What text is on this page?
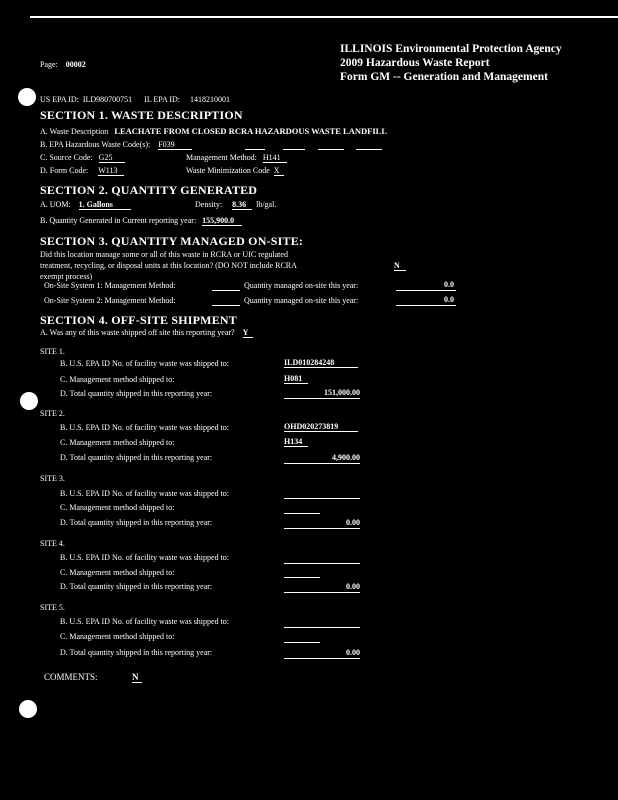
Page: 00002
ILLINOIS Environmental Protection Agency
2009 Hazardous Waste Report
Form GM -- Generation and Management
US EPA ID: ILD980700751 IL EPA ID: 1418210001
SECTION 1. WASTE DESCRIPTION
A. Waste Description LEACHATE FROM CLOSED RCRA HAZARDOUS WASTE LANDFILL
B. EPA Hazardous Waste Code(s): F039
C. Source Code: G25	Management Method: H141
D. Form Code: W113	Waste Minimization Code X
SECTION 2. QUANTITY GENERATED
A. UOM: 1. Gallons	Density: 8.36 lb/gal.
B. Quantity Generated in Current reporting year: 155,900.0
SECTION 3. QUANTITY MANAGED ON-SITE:
Did this location manage some or all of this waste in RCRA or UIC regulated
treatment, recycling, or disposal units at this location? (DO NOT include RCRA
exempt process)
N
On-Site System 1: Management Method:	Quantity managed on-site this year:	0.0
On-Site System 2: Management Method:	Quantity managed on-site this year:	0.0
SECTION 4. OFF-SITE SHIPMENT
A. Was any of this waste shipped off site this reporting year? Y
SITE 1.
B. U.S. EPA ID No. of facility waste was shipped to:	ILD010284248
C. Management method shipped to:	H081
D. Total quantity shipped in this reporting year:	151,000.00
SITE 2.
B. U.S. EPA ID No. of facility waste was shipped to:	OHD020273819
C. Management method shipped to:	H134
D. Total quantity shipped in this reporting year:	4,900.00
SITE 3.
B. U.S. EPA ID No. of facility waste was shipped to:
C. Management method shipped to:
D. Total quantity shipped in this reporting year:	0.00
SITE 4.
B. U.S. EPA ID No. of facility waste was shipped to:
C. Management method shipped to:
D. Total quantity shipped in this reporting year:	0.00
SITE 5.
B. U.S. EPA ID No. of facility waste was shipped to:
C. Management method shipped to:
D. Total quantity shipped in this reporting year:	0.00
COMMENTS:	N
